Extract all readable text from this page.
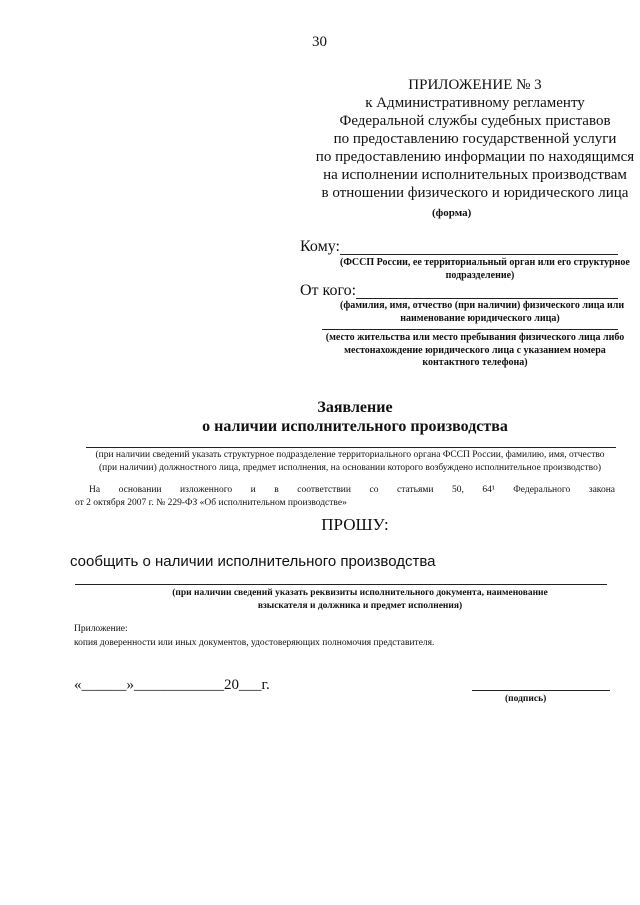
30
ПРИЛОЖЕНИЕ № 3
к Административному регламенту
Федеральной службы судебных приставов
по предоставлению государственной услуги
по предоставлению информации по находящимся
на исполнении исполнительных производствам
в отношении физического и юридического лица
(форма)
Кому:
(ФССП России, ее территориальный орган или его структурное
подразделение)
От кого:
(фамилия, имя, отчество (при наличии) физического лица или
наименование юридического лица)
(место жительства или место пребывания физического лица либо
местонахождение юридического лица с указанием номера
контактного телефона)
Заявление
о наличии исполнительного производства
(при наличии сведений указать структурное подразделение территориального органа ФССП России, фамилию, имя, отчество
(при наличии) должностного лица, предмет исполнения, на основании которого возбуждено исполнительное производство)
На основании изложенного и в соответствии со статьями 50, 64¹ Федерального закона
от 2 октября 2007 г. № 229-ФЗ «Об исполнительном производстве»
ПРОШУ:
сообщить о наличии исполнительного производства
(при наличии сведений указать реквизиты исполнительного документа, наименование
взыскателя и должника и предмет исполнения)
Приложение:
копия доверенности или иных документов, удостоверяющих полномочия представителя.
«______»____________20___г.
(подпись)
